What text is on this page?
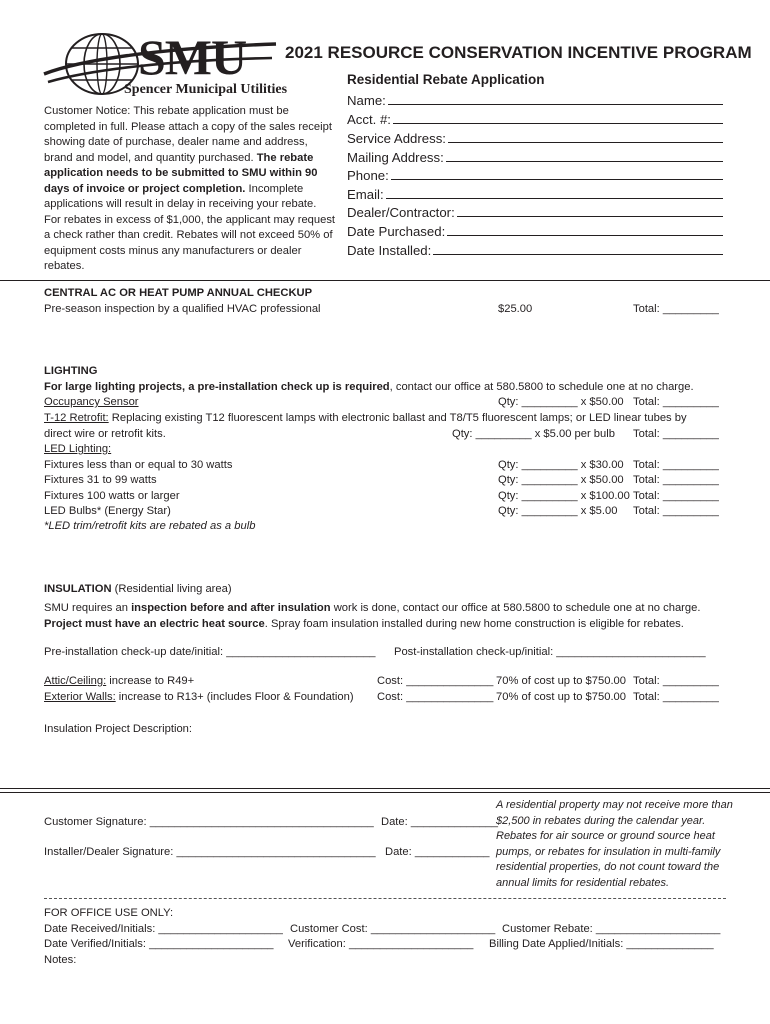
SMU
Spencer Municipal Utilities
2021 RESOURCE CONSERVATION INCENTIVE PROGRAM
Residential Rebate Application
Name:
Acct. #:
Service Address:
Mailing Address:
Phone:
Email:
Dealer/Contractor:
Date Purchased:
Date Installed:
Customer Notice: This rebate application must be completed in full. Please attach a copy of the sales receipt showing date of purchase, dealer name and address, brand and model, and quantity purchased. The rebate application needs to be submitted to SMU within 90 days of invoice or project completion. Incomplete applications will result in delay in receiving your rebate. For rebates in excess of $1,000, the applicant may request a check rather than credit. Rebates will not exceed 50% of equipment costs minus any manufacturers or dealer rebates.
CENTRAL AC OR HEAT PUMP ANNUAL CHECKUP
Pre-season inspection by a qualified HVAC professional	$25.00	Total: _________
LIGHTING
For large lighting projects, a pre-installation check up is required, contact our office at 580.5800 to schedule one at no charge.
Occupancy Sensor	Qty: _________ x $50.00 Total: _________
T-12 Retrofit: Replacing existing T12 fluorescent lamps with electronic ballast and T8/T5 fluorescent lamps; or LED linear tubes by
direct wire or retrofit kits.	Qty: _________ x $5.00 per bulb Total: _________
LED Lighting:
Fixtures less than or equal to 30 watts	Qty: _________ x $30.00 Total: _________
Fixtures 31 to 99 watts	Qty: _________ x $50.00 Total: _________
Fixtures 100 watts or larger	Qty: _________ x $100.00 Total: _________
LED Bulbs* (Energy Star)	Qty: _________ x $5.00 Total: _________
*LED trim/retrofit kits are rebated as a bulb
INSULATION (Residential living area)
SMU requires an inspection before and after insulation work is done, contact our office at 580.5800 to schedule one at no charge. Project must have an electric heat source. Spray foam insulation installed during new home construction is eligible for rebates.
Pre-installation check-up date/initial: ________________________ Post-installation check-up/initial: ________________________
Attic/Ceiling: increase to R49+	Cost: ______________ 70% of cost up to $750.00 Total: _________
Exterior Walls: increase to R13+ (includes Floor & Foundation) Cost: ______________ 70% of cost up to $750.00 Total: _________
Insulation Project Description:
Customer Signature: ____________________________________ Date: ______________
Installer/Dealer Signature: ________________________________ Date: ____________
A residential property may not receive more than $2,500 in rebates during the calendar year. Rebates for air source or ground source heat pumps, or rebates for insulation in multi-family residential properties, do not count toward the annual limits for residential rebates.
FOR OFFICE USE ONLY:
Date Received/Initials: ____________________ Customer Cost: ____________________ Customer Rebate: ____________________
Date Verified/Initials: ____________________ Verification: ____________________ Billing Date Applied/Initials: ______________
Notes:
